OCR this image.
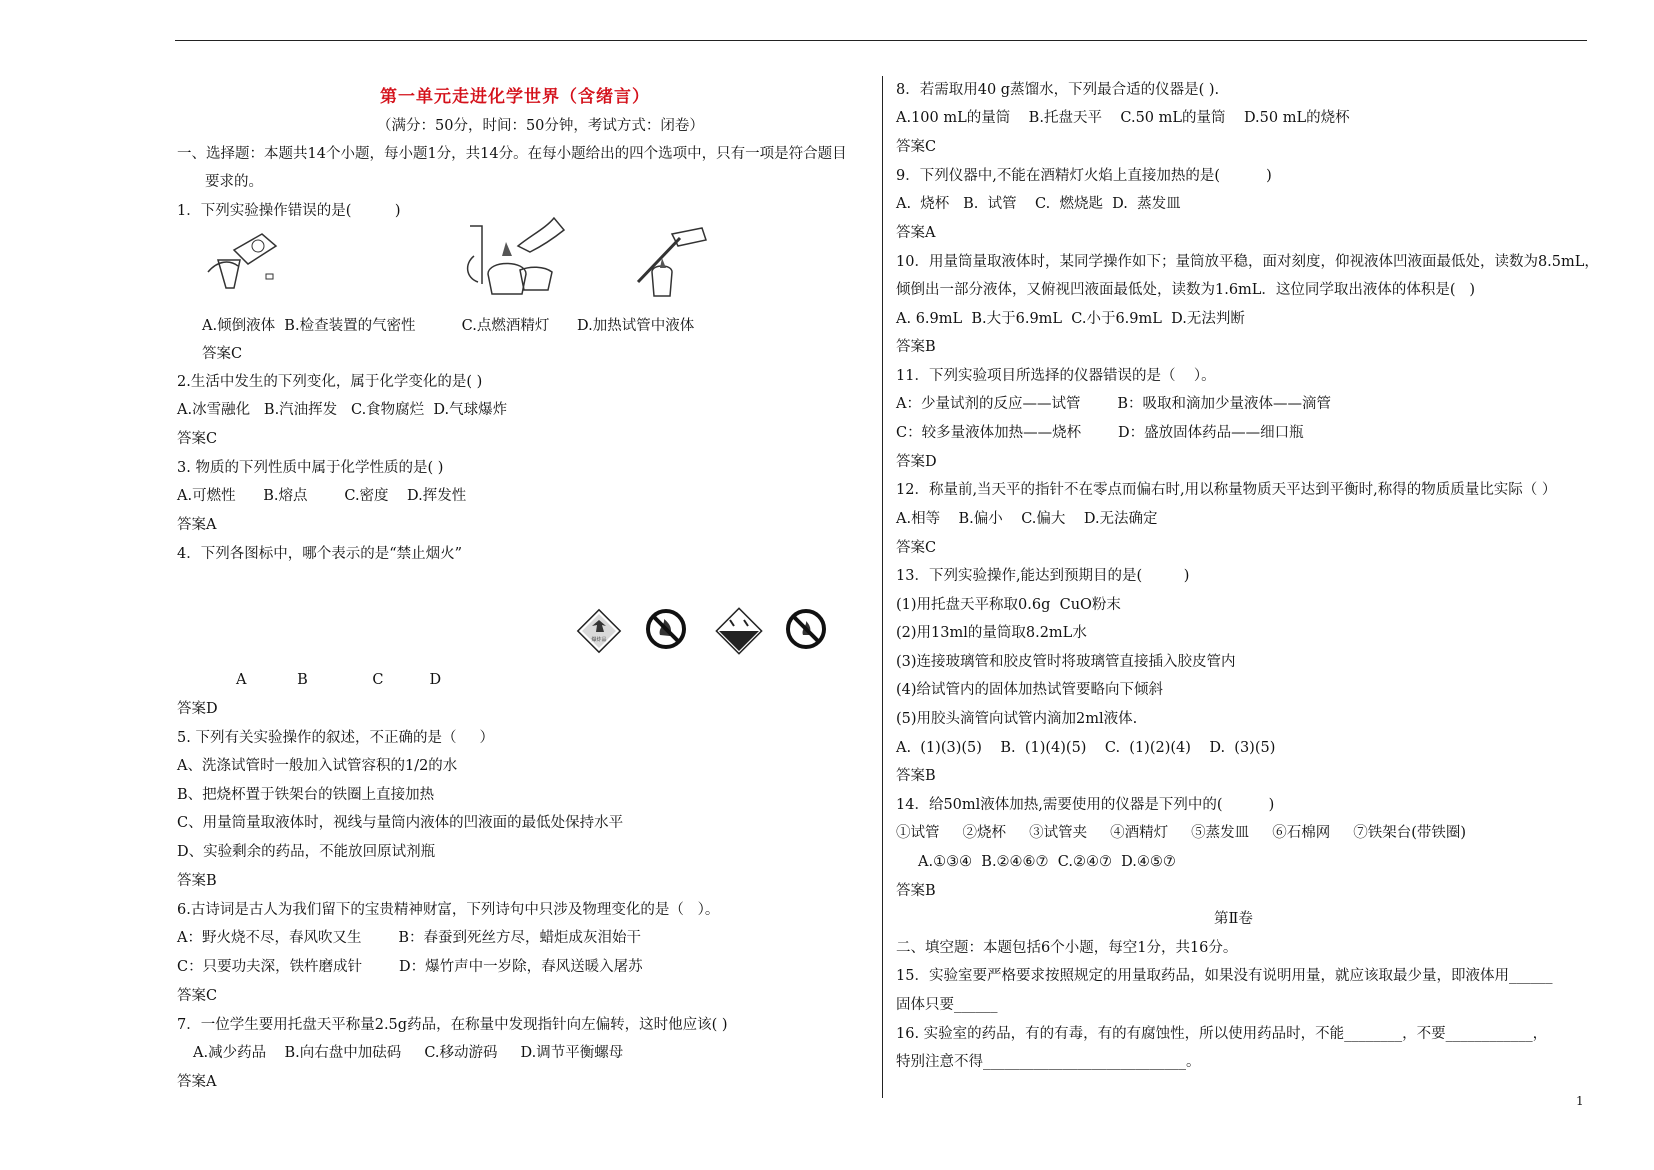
第一单元走进化学世界（含绪言）
（满分：50分，时间：50分钟，考试方式：闭卷）
一、选择题：本题共14个小题，每小题1分，共14分。在每小题给出的四个选项中，只有一项是符合题目
要求的。
1．下列实验操作错误的是(　　　)
A.倾倒液体  B.检查装置的气密性          C.点燃酒精灯      D.加热试管中液体
答案C
2.生活中发生的下列变化，属于化学变化的是( )
A.冰雪融化   B.汽油挥发   C.食物腐烂  D.气球爆炸
答案C
3. 物质的下列性质中属于化学性质的是( )
A.可燃性      B.熔点        C.密度    D.挥发性
答案A
4．下列各图标中，哪个表示的是“禁止烟火”
爆炸品
A           B              C          D
答案D
5. 下列有关实验操作的叙述，不正确的是（     ）
A、洗涤试管时一般加入试管容积的1/2的水
B、把烧杯置于铁架台的铁圈上直接加热
C、用量筒量取液体时，视线与量筒内液体的凹液面的最低处保持水平
D、实验剩余的药品，不能放回原试剂瓶
答案B
6.古诗词是古人为我们留下的宝贵精神财富，下列诗句中只涉及物理变化的是（   ）。
A：野火烧不尽，春风吹又生        B：春蚕到死丝方尽，蜡炬成灰泪始干
C：只要功夫深，铁杵磨成针        D：爆竹声中一岁除，春风送暖入屠苏
答案C
7．一位学生要用托盘天平称量2.5g药品，在称量中发现指针向左偏转，这时他应该( )
A.减少药品    B.向右盘中加砝码     C.移动游码     D.调节平衡螺母
答案A
8．若需取用40 g蒸馏水，下列最合适的仪器是( ).
A.100 mL的量筒    B.托盘天平    C.50 mL的量筒    D.50 mL的烧杯
答案C
9．下列仪器中,不能在酒精灯火焰上直接加热的是(          )
A.  烧杯   B.  试管    C.  燃烧匙  D.  蒸发皿
答案A
10．用量筒量取液体时，某同学操作如下；量筒放平稳，面对刻度，仰视液体凹液面最低处，读数为8.5mL，
倾倒出一部分液体，又俯视凹液面最低处，读数为1.6mL．这位同学取出液体的体积是(   )
A. 6.9mL  B.大于6.9mL  C.小于6.9mL  D.无法判断
答案B
11．下列实验项目所选择的仪器错误的是（    ）。
A：少量试剂的反应——试管        B：吸取和滴加少量液体——滴管
C：较多量液体加热——烧杯        D：盛放固体药品——细口瓶
答案D
12．称量前,当天平的指针不在零点而偏右时,用以称量物质天平达到平衡时,称得的物质质量比实际（ ）
A.相等    B.偏小    C.偏大    D.无法确定
答案C
13．下列实验操作,能达到预期目的是(         )
(1)用托盘天平称取0.6g  CuO粉末
(2)用13ml的量筒取8.2mL水
(3)连接玻璃管和胶皮管时将玻璃管直接插入胶皮管内
(4)给试管内的固体加热试管要略向下倾斜
(5)用胶头滴管向试管内滴加2ml液体.
A.  (1)(3)(5)    B.  (1)(4)(5)    C.  (1)(2)(4)    D.  (3)(5)
答案B
14．给50ml液体加热,需要使用的仪器是下列中的(          )
①试管     ②烧杯     ③试管夹     ④酒精灯     ⑤蒸发皿     ⑥石棉网     ⑦铁架台(带铁圈)
A.①③④  B.②④⑥⑦  C.②④⑦  D.④⑤⑦
答案B
第Ⅱ卷
二、填空题：本题包括6个小题，每空1分，共16分。
15．实验室要严格要求按照规定的用量取药品，如果没有说明用量，就应该取最少量，即液体用______
固体只要______
16. 实验室的药品，有的有毒，有的有腐蚀性，所以使用药品时，不能________，不要____________，
特别注意不得____________________________。
1
